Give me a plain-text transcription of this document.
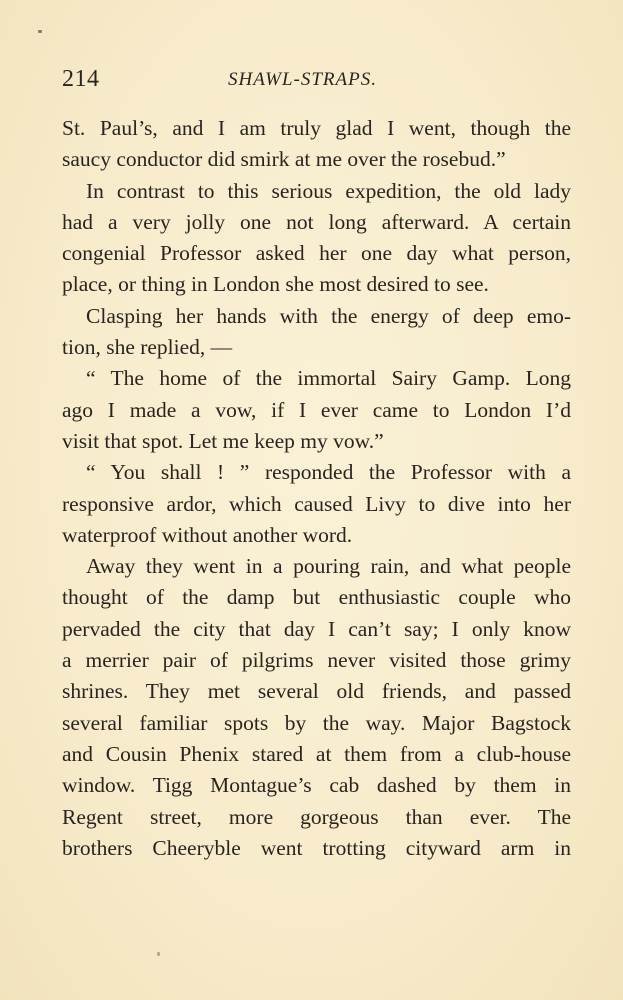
214	SHAWL-STRAPS.
St. Paul’s, and I am truly glad I went, though the
saucy conductor did smirk at me over the rosebud.”
In contrast to this serious expedition, the old lady
had a very jolly one not long afterward. A certain
congenial Professor asked her one day what person,
place, or thing in London she most desired to see.
Clasping her hands with the energy of deep emo-
tion, she replied, —
“ The home of the immortal Sairy Gamp. Long
ago I made a vow, if I ever came to London I’d
visit that spot. Let me keep my vow.”
“ You shall ! ” responded the Professor with a
responsive ardor, which caused Livy to dive into her
waterproof without another word.
Away they went in a pouring rain, and what people
thought of the damp but enthusiastic couple who
pervaded the city that day I can’t say; I only know
a merrier pair of pilgrims never visited those grimy
shrines. They met several old friends, and passed
several familiar spots by the way. Major Bagstock
and Cousin Phenix stared at them from a club-house
window. Tigg Montague’s cab dashed by them in
Regent street, more gorgeous than ever. The
brothers Cheeryble went trotting cityward arm in
